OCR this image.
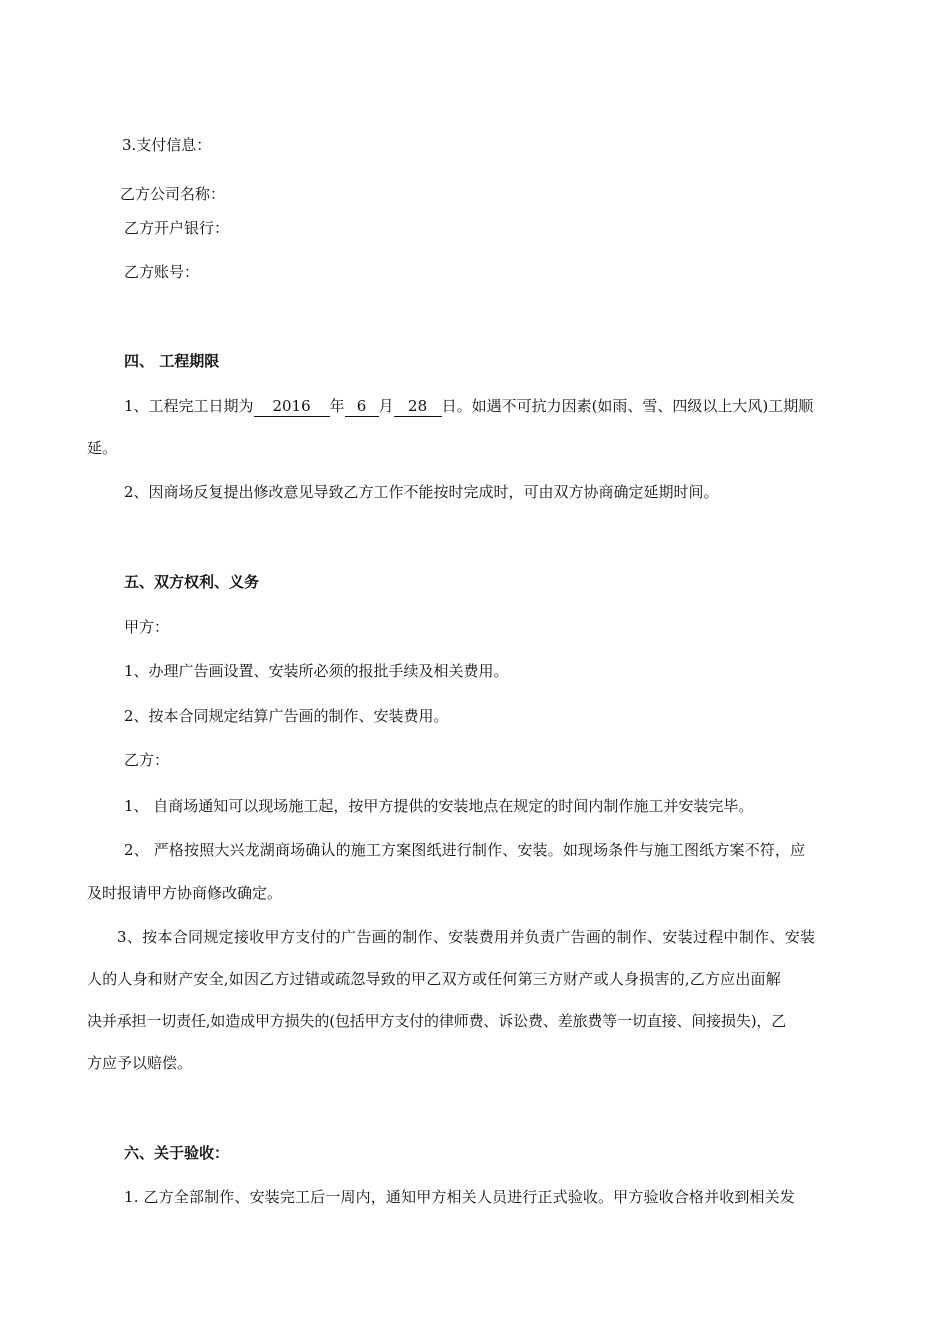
3.支付信息：
乙方公司名称：
乙方开户银行：
乙方账号：
四、 工程期限
1、工程完工日期为 2016 年 6 月 28 日。如遇不可抗力因素(如雨、雪、四级以上大风)工期顺
延。
2、因商场反复提出修改意见导致乙方工作不能按时完成时，可由双方协商确定延期时间。
五、双方权利、义务
甲方：
1、办理广告画设置、安装所必须的报批手续及相关费用。
2、按本合同规定结算广告画的制作、安装费用。
乙方：
1、 自商场通知可以现场施工起，按甲方提供的安装地点在规定的时间内制作施工并安装完毕。
2、 严格按照大兴龙湖商场确认的施工方案图纸进行制作、安装。如现场条件与施工图纸方案不符，应
及时报请甲方协商修改确定。
3、按本合同规定接收甲方支付的广告画的制作、安装费用并负责广告画的制作、安装过程中制作、安装
人的人身和财产安全,如因乙方过错或疏忽导致的甲乙双方或任何第三方财产或人身损害的,乙方应出面解
决并承担一切责任,如造成甲方损失的(包括甲方支付的律师费、诉讼费、差旅费等一切直接、间接损失)，乙
方应予以赔偿。
六、关于验收：
1. 乙方全部制作、安装完工后一周内，通知甲方相关人员进行正式验收。甲方验收合格并收到相关发
